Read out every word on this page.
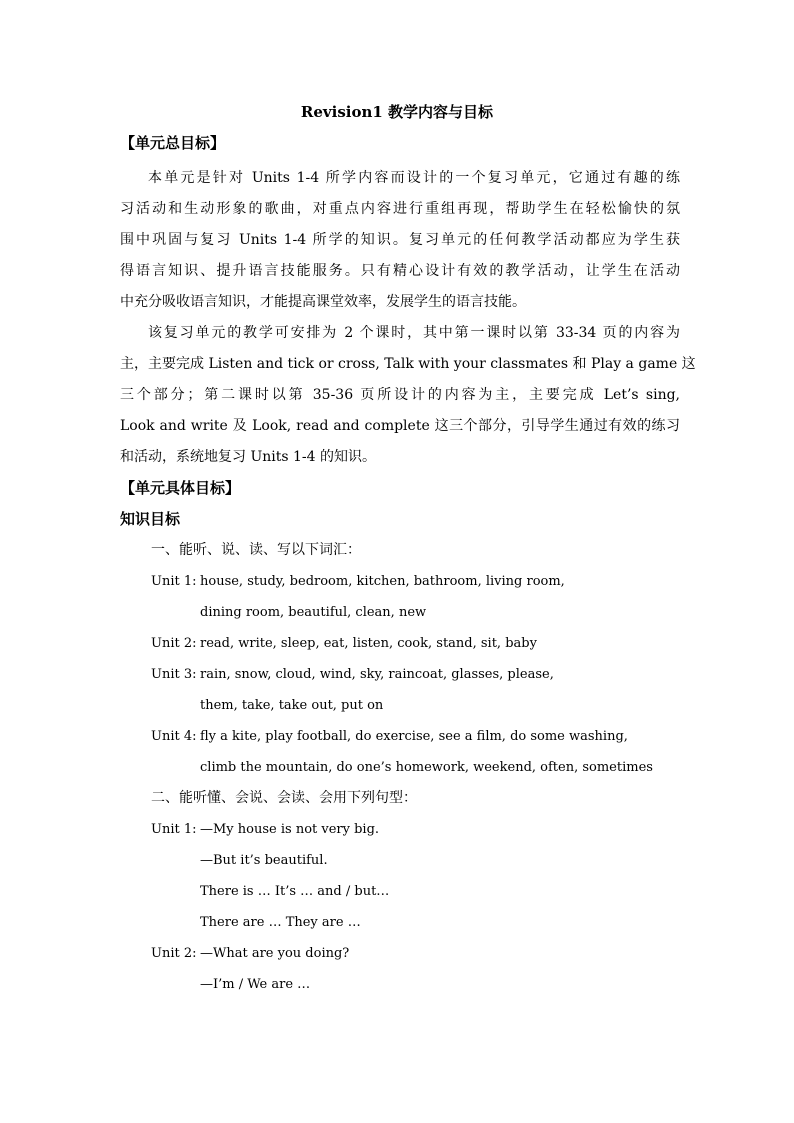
Revision1 教学内容与目标
【单元总目标】
本单元是针对 Units 1-4 所学内容而设计的一个复习单元，它通过有趣的练
习活动和生动形象的歌曲，对重点内容进行重组再现，帮助学生在轻松愉快的氛
围中巩固与复习 Units 1-4 所学的知识。复习单元的任何教学活动都应为学生获
得语言知识、提升语言技能服务。只有精心设计有效的教学活动，让学生在活动
中充分吸收语言知识，才能提高课堂效率，发展学生的语言技能。
该复习单元的教学可安排为 2 个课时，其中第一课时以第 33-34 页的内容为
主，主要完成 Listen and tick or cross, Talk with your classmates 和 Play a game 这
三个部分；第二课时以第 35-36 页所设计的内容为主，主要完成 Let’s sing,
Look and write 及 Look, read and complete 这三个部分，引导学生通过有效的练习
和活动，系统地复习 Units 1-4 的知识。
【单元具体目标】
知识目标
一、能听、说、读、写以下词汇：
Unit 1: house, study, bedroom, kitchen, bathroom, living room,
dining room, beautiful, clean, new
Unit 2: read, write, sleep, eat, listen, cook, stand, sit, baby
Unit 3: rain, snow, cloud, wind, sky, raincoat, glasses, please,
them, take, take out, put on
Unit 4: fly a kite, play football, do exercise, see a film, do some washing,
climb the mountain, do one’s homework, weekend, often, sometimes
二、能听懂、会说、会读、会用下列句型：
Unit 1: —My house is not very big.
—But it’s beautiful.
There is … It’s … and / but…
There are … They are …
Unit 2: —What are you doing?
—I’m / We are …
